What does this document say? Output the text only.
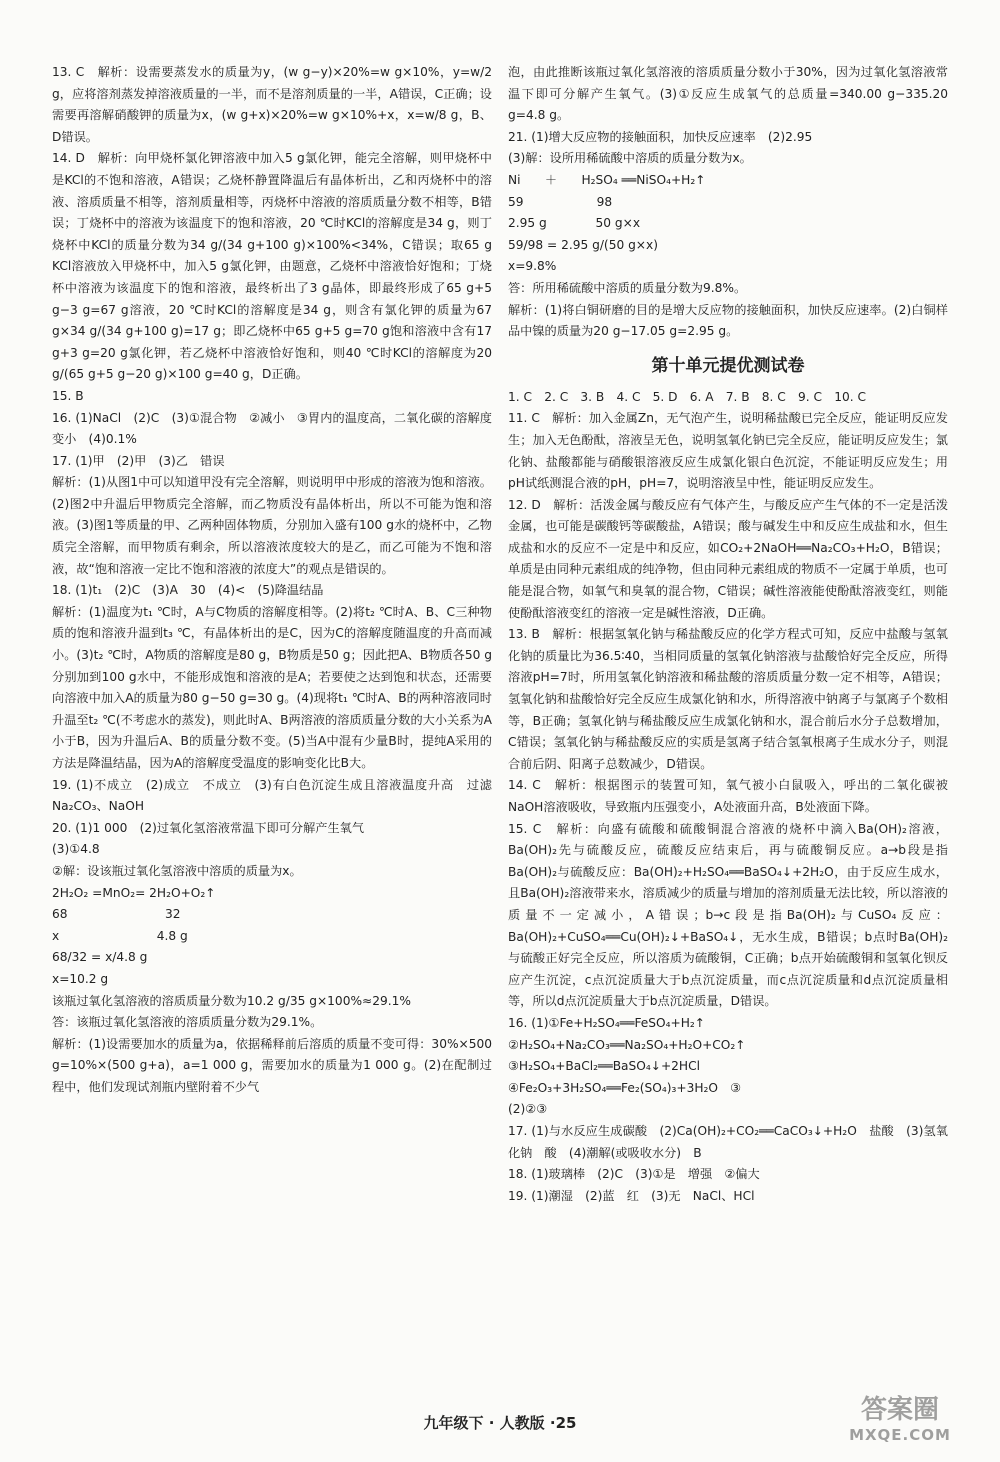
13. C　解析：设需要蒸发水的质量为y，(w g−y)×20%=w g×10%，y=w/2 g，应将溶剂蒸发掉溶液质量的一半，而不是溶剂质量的一半，A错误，C正确；设需要再溶解硝酸钾的质量为x，(w g+x)×20%=w g×10%+x，x=w/8 g，B、D错误。

14. D　解析：向甲烧杯氯化钾溶液中加入5 g氯化钾，能完全溶解，则甲烧杯中是KCl的不饱和溶液，A错误；乙烧杯静置降温后有晶体析出，乙和丙烧杯中的溶液、溶质质量不相等，溶剂质量相等，丙烧杯中溶液的溶质质量分数不相等，B错误；丁烧杯中的溶液为该温度下的饱和溶液，20 ℃时KCl的溶解度是34 g，则丁烧杯中KCl的质量分数为34 g/(34 g+100 g)×100%<34%，C错误；取65 g KCl溶液放入甲烧杯中，加入5 g氯化钾，由题意，乙烧杯中溶液恰好饱和；丁烧杯中溶液为该温度下的饱和溶液，最终析出了3 g晶体，即最终形成了65 g+5 g−3 g=67 g溶液，20 ℃时KCl的溶解度是34 g，则含有氯化钾的质量为67 g×34 g/(34 g+100 g)=17 g；即乙烧杯中65 g+5 g=70 g饱和溶液中含有17 g+3 g=20 g氯化钾，若乙烧杯中溶液恰好饱和，则40 ℃时KCl的溶解度为20 g/(65 g+5 g−20 g)×100 g=40 g，D正确。

15. B

16. (1)NaCl　(2)C　(3)①混合物　②减小　③胃内的温度高，二氧化碳的溶解度变小　(4)0.1%

17. (1)甲　(2)甲　(3)乙　错误

解析：(1)从图1中可以知道甲没有完全溶解，则说明甲中形成的溶液为饱和溶液。(2)图2中升温后甲物质完全溶解，而乙物质没有晶体析出，所以不可能为饱和溶液。(3)图1等质量的甲、乙两种固体物质，分别加入盛有100 g水的烧杯中，乙物质完全溶解，而甲物质有剩余，所以溶液浓度较大的是乙，而乙可能为不饱和溶液，故“饱和溶液一定比不饱和溶液的浓度大”的观点是错误的。

18. (1)t₁　(2)C　(3)A　30　(4)<　(5)降温结晶

解析：(1)温度为t₁ ℃时，A与C物质的溶解度相等。(2)将t₂ ℃时A、B、C三种物质的饱和溶液升温到t₃ ℃，有晶体析出的是C，因为C的溶解度随温度的升高而减小。(3)t₂ ℃时，A物质的溶解度是80 g，B物质是50 g；因此把A、B物质各50 g分别加到100 g水中，不能形成饱和溶液的是A；若要使之达到饱和状态，还需要向溶液中加入A的质量为80 g−50 g=30 g。(4)现将t₁ ℃时A、B的两种溶液同时升温至t₂ ℃(不考虑水的蒸发)，则此时A、B两溶液的溶质质量分数的大小关系为A小于B，因为升温后A、B的质量分数不变。(5)当A中混有少量B时，提纯A采用的方法是降温结晶，因为A的溶解度受温度的影响变化比B大。

19. (1)不成立　(2)成立　不成立　(3)有白色沉淀生成且溶液温度升高　过滤　Na₂CO₃、NaOH

20. (1)1 000　(2)过氧化氢溶液常温下即可分解产生氧气

(3)①4.8

②解：设该瓶过氧化氢溶液中溶质的质量为x。

2H₂O₂ =MnO₂= 2H₂O+O₂↑

68　　　　　　　　32

x　　　　　　　　4.8 g

68/32 = x/4.8 g

x=10.2 g

该瓶过氧化氢溶液的溶质质量分数为10.2 g/35 g×100%≈29.1%

答：该瓶过氧化氢溶液的溶质质量分数为29.1%。

解析：(1)设需要加水的质量为a，依据稀释前后溶质的质量不变可得：30%×500 g=10%×(500 g+a)，a=1 000 g，需要加水的质量为1 000 g。(2)在配制过程中，他们发现试剂瓶内壁附着不少气

泡，由此推断该瓶过氧化氢溶液的溶质质量分数小于30%，因为过氧化氢溶液常温下即可分解产生氧气。(3)①反应生成氧气的总质量=340.00 g−335.20 g=4.8 g。

21. (1)增大反应物的接触面积，加快反应速率　(2)2.95

(3)解：设所用稀硫酸中溶质的质量分数为x。

Ni　　＋　　H₂SO₄ ══NiSO₄+H₂↑

59　　　　　　98

2.95 g　　　　50 g×x

59/98 = 2.95 g/(50 g×x)

x=9.8%

答：所用稀硫酸中溶质的质量分数为9.8%。

解析：(1)将白铜研磨的目的是增大反应物的接触面积，加快反应速率。(2)白铜样品中镍的质量为20 g−17.05 g=2.95 g。

第十单元提优测试卷

1. C　2. C　3. B　4. C　5. D　6. A　7. B　8. C　9. C　10. C

11. C　解析：加入金属Zn，无气泡产生，说明稀盐酸已完全反应，能证明反应发生；加入无色酚酞，溶液呈无色，说明氢氧化钠已完全反应，能证明反应发生；氯化钠、盐酸都能与硝酸银溶液反应生成氯化银白色沉淀，不能证明反应发生；用pH试纸测混合液的pH，pH=7，说明溶液呈中性，能证明反应发生。

12. D　解析：活泼金属与酸反应有气体产生，与酸反应产生气体的不一定是活泼金属，也可能是碳酸钙等碳酸盐，A错误；酸与碱发生中和反应生成盐和水，但生成盐和水的反应不一定是中和反应，如CO₂+2NaOH══Na₂CO₃+H₂O，B错误；单质是由同种元素组成的纯净物，但由同种元素组成的物质不一定属于单质，也可能是混合物，如氧气和臭氧的混合物，C错误；碱性溶液能使酚酞溶液变红，则能使酚酞溶液变红的溶液一定是碱性溶液，D正确。

13. B　解析：根据氢氧化钠与稀盐酸反应的化学方程式可知，反应中盐酸与氢氧化钠的质量比为36.5∶40，当相同质量的氢氧化钠溶液与盐酸恰好完全反应，所得溶液pH=7时，所用氢氧化钠溶液和稀盐酸的溶质质量分数一定不相等，A错误；氢氧化钠和盐酸恰好完全反应生成氯化钠和水，所得溶液中钠离子与氯离子个数相等，B正确；氢氧化钠与稀盐酸反应生成氯化钠和水，混合前后水分子总数增加，C错误；氢氧化钠与稀盐酸反应的实质是氢离子结合氢氧根离子生成水分子，则混合前后阴、阳离子总数减少，D错误。

14. C　解析：根据图示的装置可知，氧气被小白鼠吸入，呼出的二氧化碳被NaOH溶液吸收，导致瓶内压强变小，A处液面升高，B处液面下降。

15. C　解析：向盛有硫酸和硫酸铜混合溶液的烧杯中滴入Ba(OH)₂溶液，Ba(OH)₂先与硫酸反应，硫酸反应结束后，再与硫酸铜反应。a→b段是指Ba(OH)₂与硫酸反应：Ba(OH)₂+H₂SO₄══BaSO₄↓+2H₂O，由于反应生成水，且Ba(OH)₂溶液带来水，溶质减少的质量与增加的溶剂质量无法比较，所以溶液的质量不一定减小，A错误；b→c段是指Ba(OH)₂与CuSO₄反应：Ba(OH)₂+CuSO₄══Cu(OH)₂↓+BaSO₄↓，无水生成，B错误；b点时Ba(OH)₂与硫酸正好完全反应，所以溶质为硫酸铜，C正确；b点开始硫酸铜和氢氧化钡反应产生沉淀，c点沉淀质量大于b点沉淀质量，而c点沉淀质量和d点沉淀质量相等，所以d点沉淀质量大于b点沉淀质量，D错误。

16. (1)①Fe+H₂SO₄══FeSO₄+H₂↑

②H₂SO₄+Na₂CO₃══Na₂SO₄+H₂O+CO₂↑

③H₂SO₄+BaCl₂══BaSO₄↓+2HCl

④Fe₂O₃+3H₂SO₄══Fe₂(SO₄)₃+3H₂O　③

(2)②③

17. (1)与水反应生成碳酸　(2)Ca(OH)₂+CO₂══CaCO₃↓+H₂O　盐酸　(3)氢氧化钠　酸　(4)潮解(或吸收水分)　B

18. (1)玻璃棒　(2)C　(3)①是　增强　②偏大

19. (1)潮湿　(2)蓝　红　(3)无　NaCl、HCl

九年级下 · 人教版 ·25	答案圈
MXQE.COM
